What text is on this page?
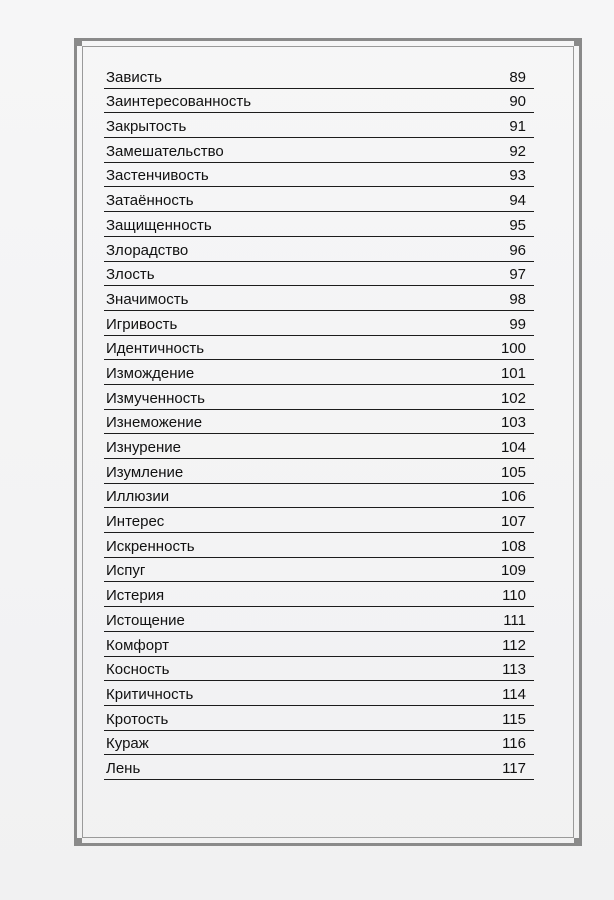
Зависть	89
Заинтересованность	90
Закрытость	91
Замешательство	92
Застенчивость	93
Затаённость	94
Защищенность	95
Злорадство	96
Злость	97
Значимость	98
Игривость	99
Идентичность	100
Измождение	101
Измученность	102
Изнеможение	103
Изнурение	104
Изумление	105
Иллюзии	106
Интерес	107
Искренность	108
Испуг	109
Истерия	110
Истощение	111
Комфорт	112
Косность	113
Критичность	114
Кротость	115
Кураж	116
Лень	117
